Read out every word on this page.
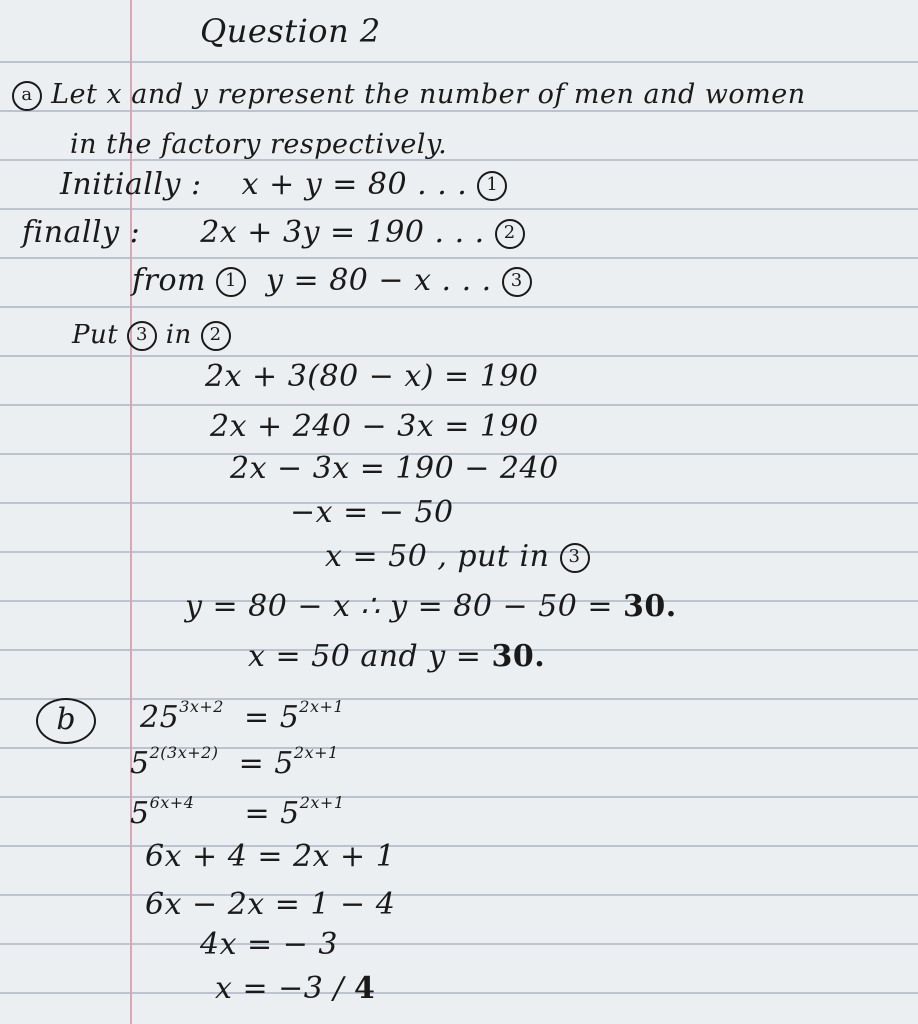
Question 2
a Let x and y represent the number of men and women
in the factory respectively.
Initially : x + y = 80 . . . 1
finally : 2x + 3y = 190 . . . 2
from 1 y = 80 − x . . . 3
Put 3 in 2
2x + 3(80 − x) = 190
2x + 240 − 3x = 190
2x − 3x = 190 − 240
−x = − 50
x = 50 , put in 3
y = 80 − x ∴ y = 80 − 50 = 30.
x = 50 and y = 30.
b	$25^{3x+2} = 5^{2x+1}$
$5^{2(3x+2)} = 5^{2x+1}$
$5^{6x+4} = 5^{2x+1}$
6x + 4 = 2x + 1
6x − 2x = 1 − 4
4x = − 3
x = −3 / 4
